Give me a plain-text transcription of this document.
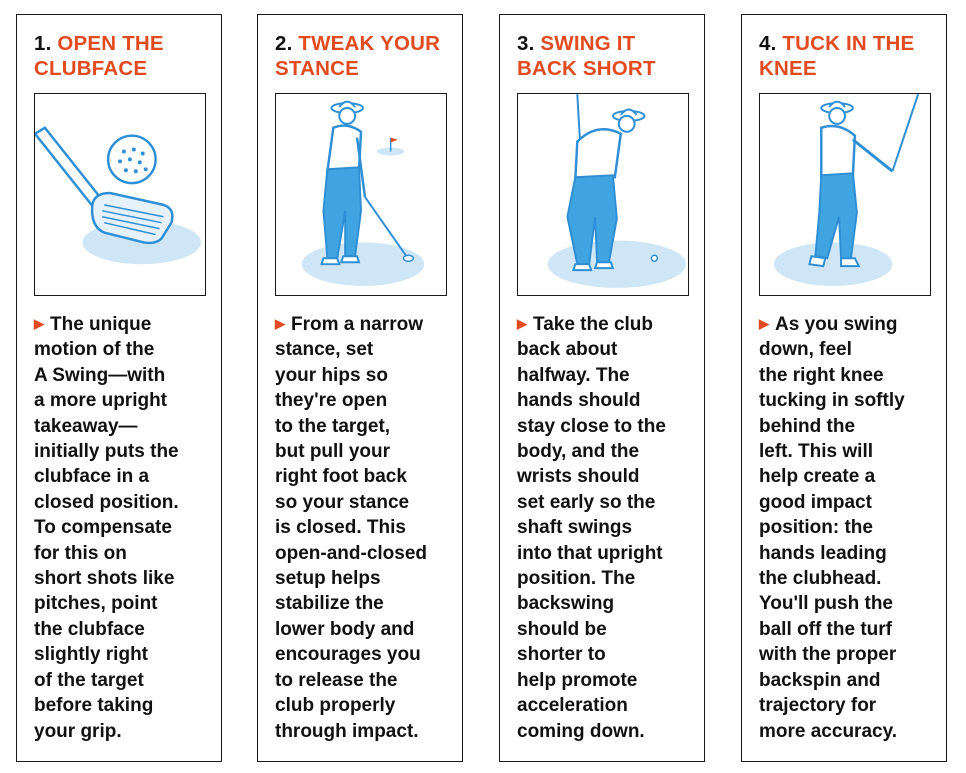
1. OPEN THE CLUBFACE

▶ The unique
motion of the
A Swing—with
a more upright
takeaway—
initially puts the
clubface in a
closed position.
To compensate
for this on
short shots like
pitches, point
the clubface
slightly right
of the target
before taking
your grip.

2. TWEAK YOUR STANCE

▶ From a narrow
stance, set
your hips so
they're open
to the target,
but pull your
right foot back
so your stance
is closed. This
open-and-closed
setup helps
stabilize the
lower body and
encourages you
to release the
club properly
through impact.

3. SWING IT BACK SHORT

▶ Take the club
back about
halfway. The
hands should
stay close to the
body, and the
wrists should
set early so the
shaft swings
into that upright
position. The
backswing
should be
shorter to
help promote
acceleration
coming down.

4. TUCK IN THE KNEE

▶ As you swing
down, feel
the right knee
tucking in softly
behind the
left. This will
help create a
good impact
position: the
hands leading
the clubhead.
You'll push the
ball off the turf
with the proper
backspin and
trajectory for
more accuracy.
